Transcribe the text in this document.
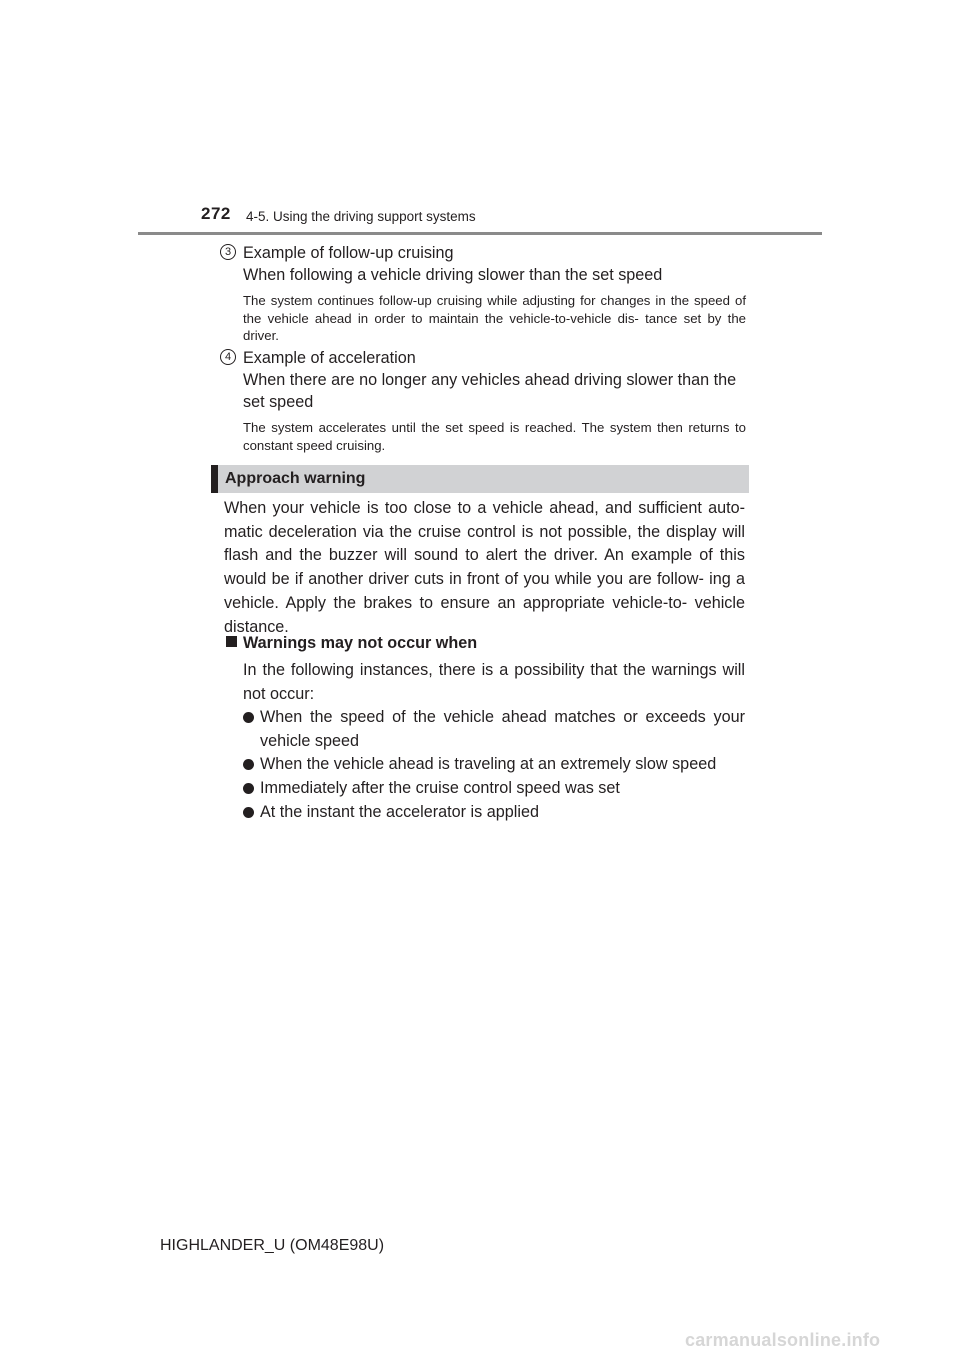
272 4-5. Using the driving support systems
3 Example of follow-up cruising
When following a vehicle driving slower than the set speed
The system continues follow-up cruising while adjusting for changes in the speed of the vehicle ahead in order to maintain the vehicle-to-vehicle dis- tance set by the driver.
4 Example of acceleration
When there are no longer any vehicles ahead driving slower than the set speed
The system accelerates until the set speed is reached. The system then returns to constant speed cruising.
Approach warning
When your vehicle is too close to a vehicle ahead, and sufficient auto- matic deceleration via the cruise control is not possible, the display will flash and the buzzer will sound to alert the driver. An example of this would be if another driver cuts in front of you while you are follow- ing a vehicle. Apply the brakes to ensure an appropriate vehicle-to- vehicle distance.
Warnings may not occur when
In the following instances, there is a possibility that the warnings will not occur:
When the speed of the vehicle ahead matches or exceeds your vehicle speed
When the vehicle ahead is traveling at an extremely slow speed
Immediately after the cruise control speed was set
At the instant the accelerator is applied
HIGHLANDER_U (OM48E98U)
carmanualsonline.info
